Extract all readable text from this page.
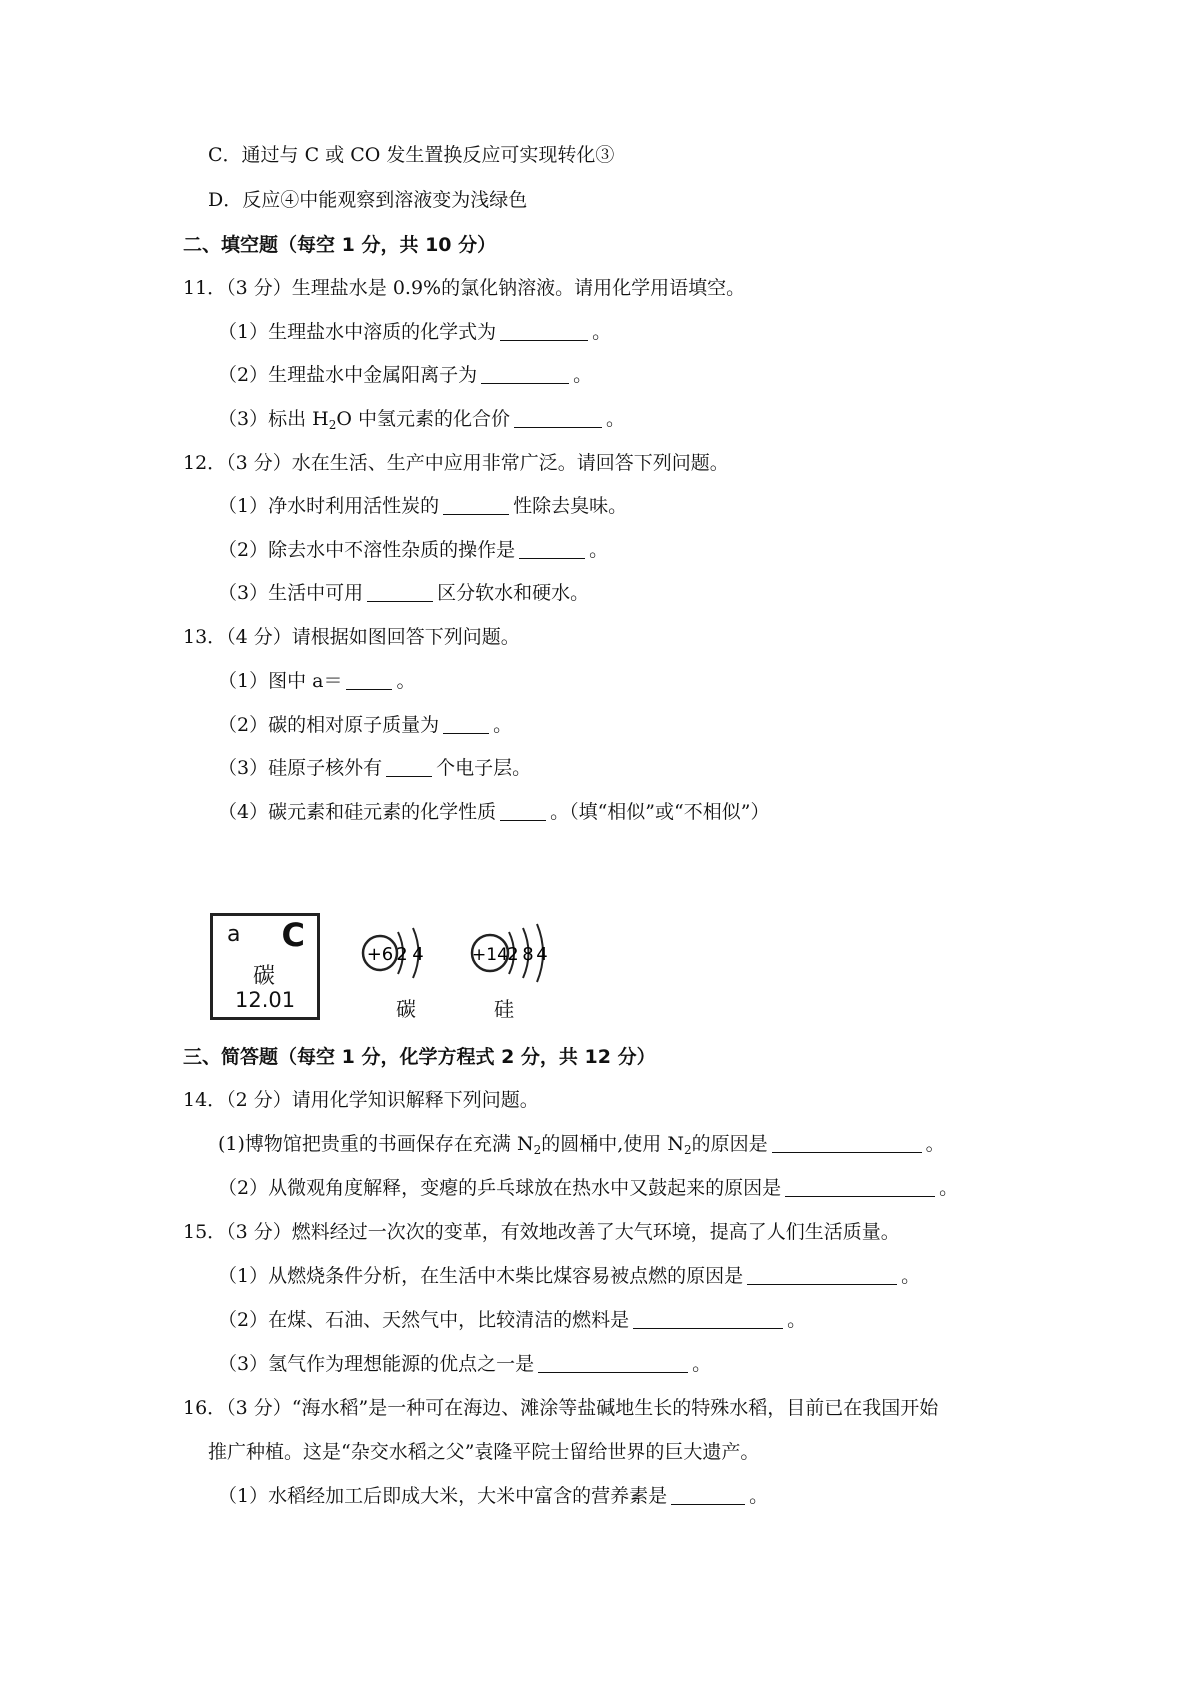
C．通过与 C 或 CO 发生置换反应可实现转化③
D．反应④中能观察到溶液变为浅绿色
二、填空题（每空 1 分，共 10 分）
11．（3 分）生理盐水是 0.9%的氯化钠溶液。请用化学用语填空。
（1）生理盐水中溶质的化学式为	。
（2）生理盐水中金属阳离子为	。
（3）标出 $H_2O$ 中氢元素的化合价	。
12．（3 分）水在生活、生产中应用非常广泛。请回答下列问题。
（1）净水时利用活性炭的	性除去臭味。
（2）除去水中不溶性杂质的操作是	。
（3）生活中可用	区分软水和硬水。
13．（4 分）请根据如图回答下列问题。
（1）图中 a＝	。
（2）碳的相对原子质量为	。
（3）硅原子核外有	个电子层。
（4）碳元素和硅元素的化学性质	。（填“相似”或“不相似”）
a C
碳
12.01
+6 2 4	+14 2 8 4
碳	硅
三、简答题（每空 1 分，化学方程式 2 分，共 12 分）
14．（2 分）请用化学知识解释下列问题。
(1)博物馆把贵重的书画保存在充满 $N_2$的圆桶中,使用 $N_2$的原因是	。
（2）从微观角度解释，变瘪的乒乓球放在热水中又鼓起来的原因是	。
15．（3 分）燃料经过一次次的变革，有效地改善了大气环境，提高了人们生活质量。
（1）从燃烧条件分析，在生活中木柴比煤容易被点燃的原因是	。
（2）在煤、石油、天然气中，比较清洁的燃料是	。
（3）氢气作为理想能源的优点之一是	。
16．（3 分）“海水稻”是一种可在海边、滩涂等盐碱地生长的特殊水稻，目前已在我国开始
推广种植。这是“杂交水稻之父”袁隆平院士留给世界的巨大遗产。
（1）水稻经加工后即成大米，大米中富含的营养素是	。
